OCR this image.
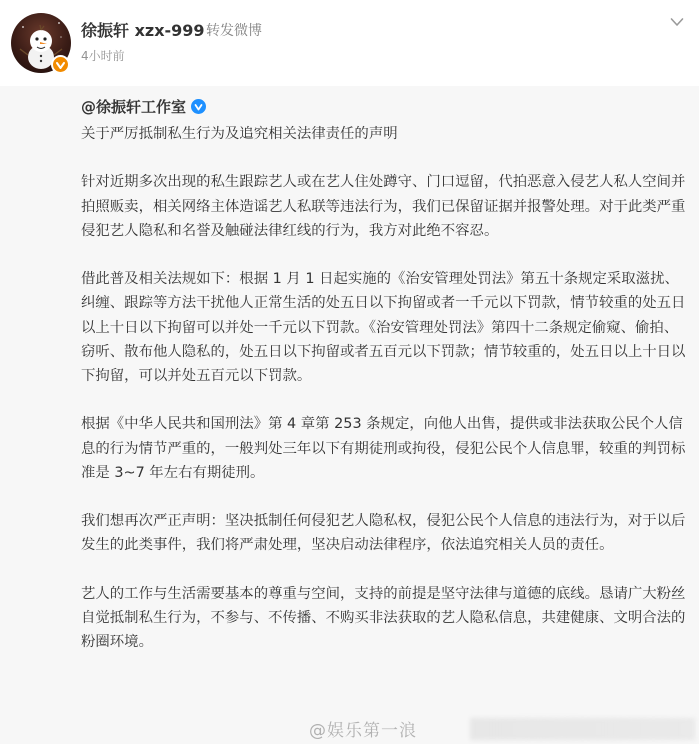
徐振轩 xzx-999 转发微博
4小时前
@徐振轩工作室

关于严厉抵制私生行为及追究相关法律责任的声明

针对近期多次出现的私生跟踪艺人或在艺人住处蹲守、门口逗留，代拍恶意入侵艺人私人空间并拍照贩卖，相关网络主体造谣艺人私联等违法行为，我们已保留证据并报警处理。对于此类严重侵犯艺人隐私和名誉及触碰法律红线的行为，我方对此绝不容忍。

借此普及相关法规如下：根据 1 月 1 日起实施的《治安管理处罚法》第五十条规定采取滋扰、纠缠、跟踪等方法干扰他人正常生活的处五日以下拘留或者一千元以下罚款，情节较重的处五日以上十日以下拘留可以并处一千元以下罚款。《治安管理处罚法》第四十二条规定偷窥、偷拍、窃听、散布他人隐私的，处五日以下拘留或者五百元以下罚款；情节较重的，处五日以上十日以下拘留，可以并处五百元以下罚款。

根据《中华人民共和国刑法》第 4 章第 253 条规定，向他人出售，提供或非法获取公民个人信息的行为情节严重的，一般判处三年以下有期徒刑或拘役，侵犯公民个人信息罪，较重的判罚标准是 3~7 年左右有期徒刑。

我们想再次严正声明：坚决抵制任何侵犯艺人隐私权，侵犯公民个人信息的违法行为，对于以后发生的此类事件，我们将严肃处理，坚决启动法律程序，依法追究相关人员的责任。

艺人的工作与生活需要基本的尊重与空间，支持的前提是坚守法律与道德的底线。恳请广大粉丝自觉抵制私生行为，不参与、不传播、不购买非法获取的艺人隐私信息，共建健康、文明合法的粉圈环境。

@娱乐第一浪
